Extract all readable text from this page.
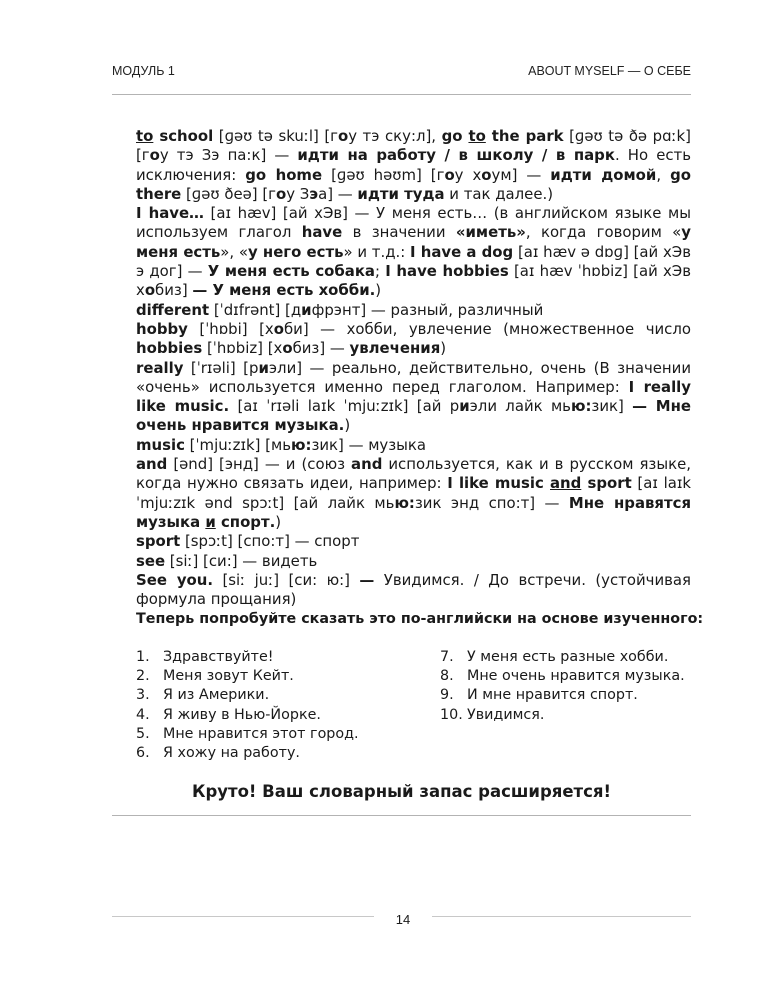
МОДУЛЬ 1	ABOUT MYSELF — О СЕБЕ

to school [ɡəʊ tə skuːl] [гоу тэ ску:л], go to the park [ɡəʊ tə ðə pɑːk] [гоу тэ Зэ па:к] — идти на работу / в школу / в парк. Но есть исключения: go home [ɡəʊ həʊm] [гоу хоум] — идти домой, go there [ɡəʊ ðeə] [гоу Зэа] — идти туда и так далее.)

I have… [aɪ hæv] [ай хЭв] — У меня есть… (в английском языке мы используем глагол have в значении «иметь», когда говорим «у меня есть», «у него есть» и т.д.: I have a dog [aɪ hæv ə dɒɡ] [ай хЭв э дог] — У меня есть собака; I have hobbies [aɪ hæv ˈhɒbiz] [ай хЭв хобиз] — У меня есть хобби.)

different [ˈdɪfrənt] [дифрэнт] — разный, различный

hobby [ˈhɒbi] [хоби] — хобби, увлечение (множественное число hobbies [ˈhɒbiz] [хобиз] — увлечения)

really [ˈrɪəli] [риэли] — реально, действительно, очень (В значении «очень» используется именно перед глаголом. Например: I really like music. [aɪ ˈrɪəli laɪk ˈmjuːzɪk] [ай риэли лайк мью:зик] — Мне очень нравится музыка.)

music [ˈmjuːzɪk] [мью:зик] — музыка

and [ənd] [энд] — и (союз and используется, как и в русском языке, когда нужно связать идеи, например: I like music and sport [aɪ laɪk ˈmjuːzɪk ənd spɔːt] [ай лайк мью:зик энд спо:т] — Мне нравятся музыка и спорт.)

sport [spɔːt] [спо:т] — спорт

see [siː] [си:] — видеть

See you. [siː juː] [си: ю:] — Увидимся. / До встречи. (устойчивая формула прощания)

Теперь попробуйте сказать это по-английски на основе изученного:
1. Здравствуйте!
2. Меня зовут Кейт.
3. Я из Америки.
4. Я живу в Нью-Йорке.
5. Мне нравится этот город.
6. Я хожу на работу.
7. У меня есть разные хобби.
8. Мне очень нравится музыка.
9. И мне нравится спорт.
10. Увидимся.
Круто! Ваш словарный запас расширяется!
14
